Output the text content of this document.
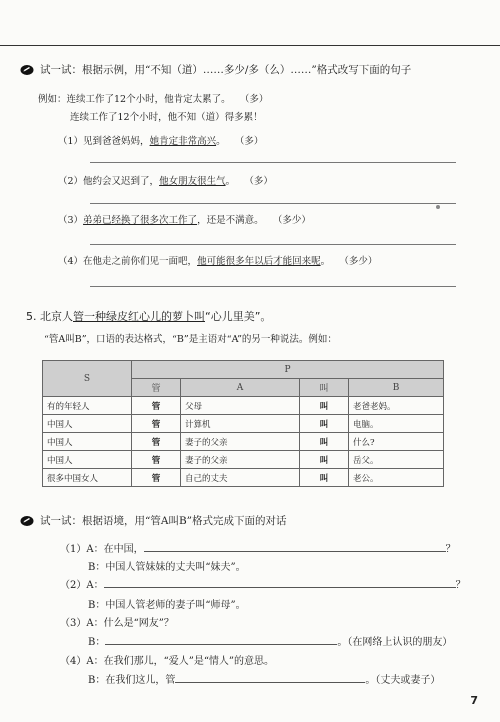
试一试： 根据示例，用“不知（道）……多少/多（么）……”格式改写下面的句子
例如：连续工作了12个小时，他肯定太累了。 （多）
连续工作了12个小时，他不知（道）得多累！
（1）见到爸爸妈妈，她肯定非常高兴。 （多）
（2）他约会又迟到了，他女朋友很生气。 （多）
（3）弟弟已经换了很多次工作了，还是不满意。 （多少）
（4）在他走之前你们见一面吧，他可能很多年以后才能回来呢。 （多少）
5. 北京人管一种绿皮红心儿的萝卜叫“心儿里美”。
“管A叫B”，口语的表达格式，“B”是主语对“A”的另一种说法。例如：
S	P			
	管	A	叫	B
有的年轻人	管	父母	叫	老爸老妈。
中国人	管	计算机	叫	电脑。
中国人	管	妻子的父亲	叫	什么?
中国人	管	妻子的父亲	叫	岳父。
很多中国女人	管	自己的丈夫	叫	老公。
试一试： 根据语境，用“管A叫B”格式完成下面的对话
（1）A：在中国，	？
B：中国人管妹妹的丈夫叫“妹夫”。
（2）A：	？
B：中国人管老师的妻子叫“师母”。
（3）A：什么是“网友”？
B：	。（在网络上认识的朋友）
（4）A：在我们那儿，“爱人”是“情人”的意思。
B：在我们这儿，管	。（丈夫或妻子）
7
